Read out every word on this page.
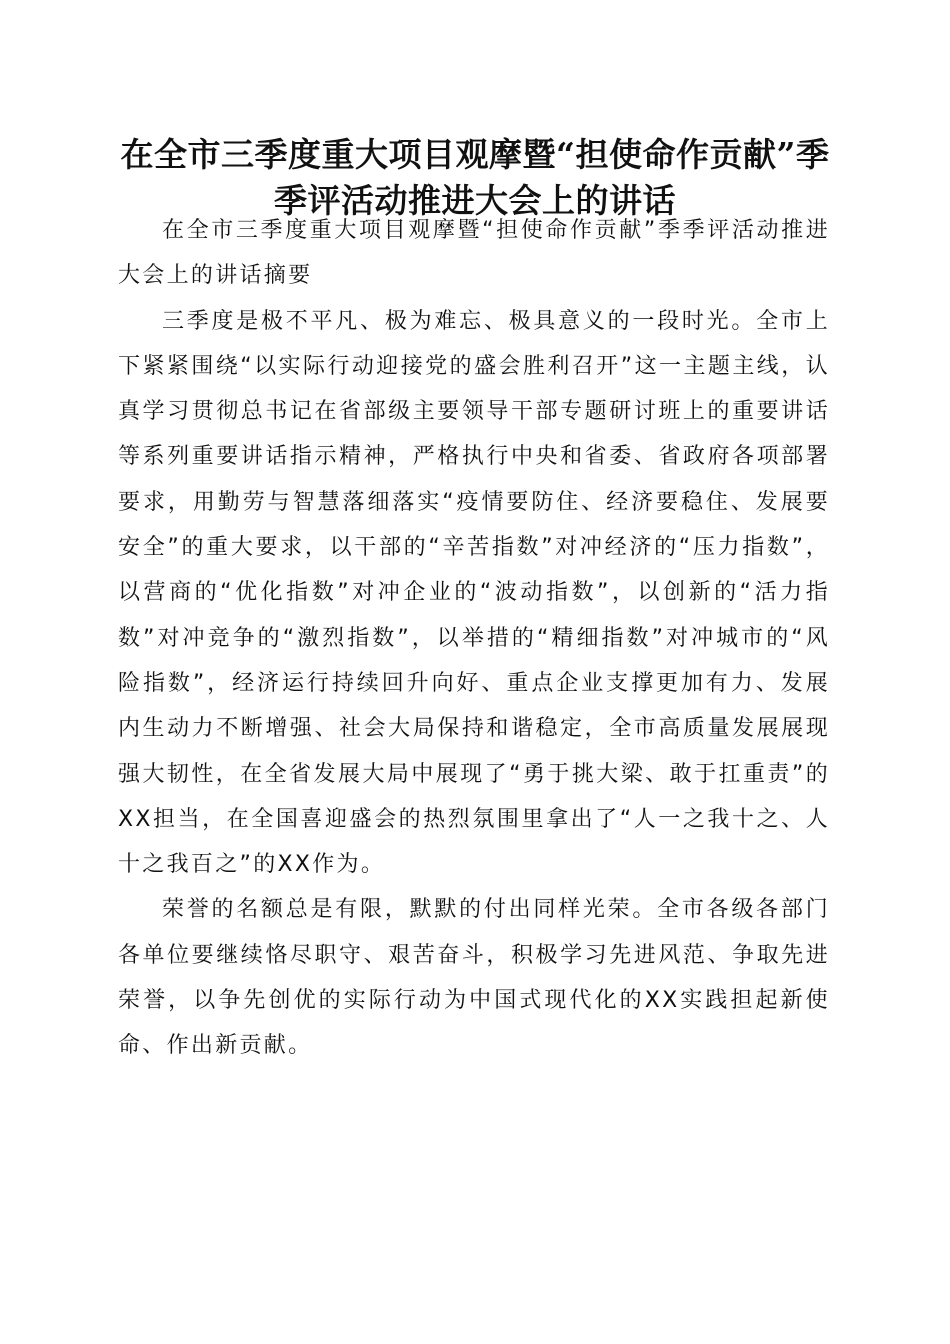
在全市三季度重大项目观摩暨“担使命作贡献”季季评活动推进大会上的讲话

在全市三季度重大项目观摩暨“担使命作贡献”季季评活动推进大会上的讲话摘要

三季度是极不平凡、极为难忘、极具意义的一段时光。全市上下紧紧围绕“以实际行动迎接党的盛会胜利召开”这一主题主线，认真学习贯彻总书记在省部级主要领导干部专题研讨班上的重要讲话等系列重要讲话指示精神，严格执行中央和省委、省政府各项部署要求，用勤劳与智慧落细落实“疫情要防住、经济要稳住、发展要安全”的重大要求，以干部的“辛苦指数”对冲经济的“压力指数”，以营商的“优化指数”对冲企业的“波动指数”，以创新的“活力指数”对冲竞争的“激烈指数”，以举措的“精细指数”对冲城市的“风险指数”，经济运行持续回升向好、重点企业支撑更加有力、发展内生动力不断增强、社会大局保持和谐稳定，全市高质量发展展现强大韧性，在全省发展大局中展现了“勇于挑大梁、敢于扛重责”的XX担当，在全国喜迎盛会的热烈氛围里拿出了“人一之我十之、人十之我百之”的XX作为。

荣誉的名额总是有限，默默的付出同样光荣。全市各级各部门各单位要继续恪尽职守、艰苦奋斗，积极学习先进风范、争取先进荣誉，以争先创优的实际行动为中国式现代化的XX实践担起新使命、作出新贡献。
